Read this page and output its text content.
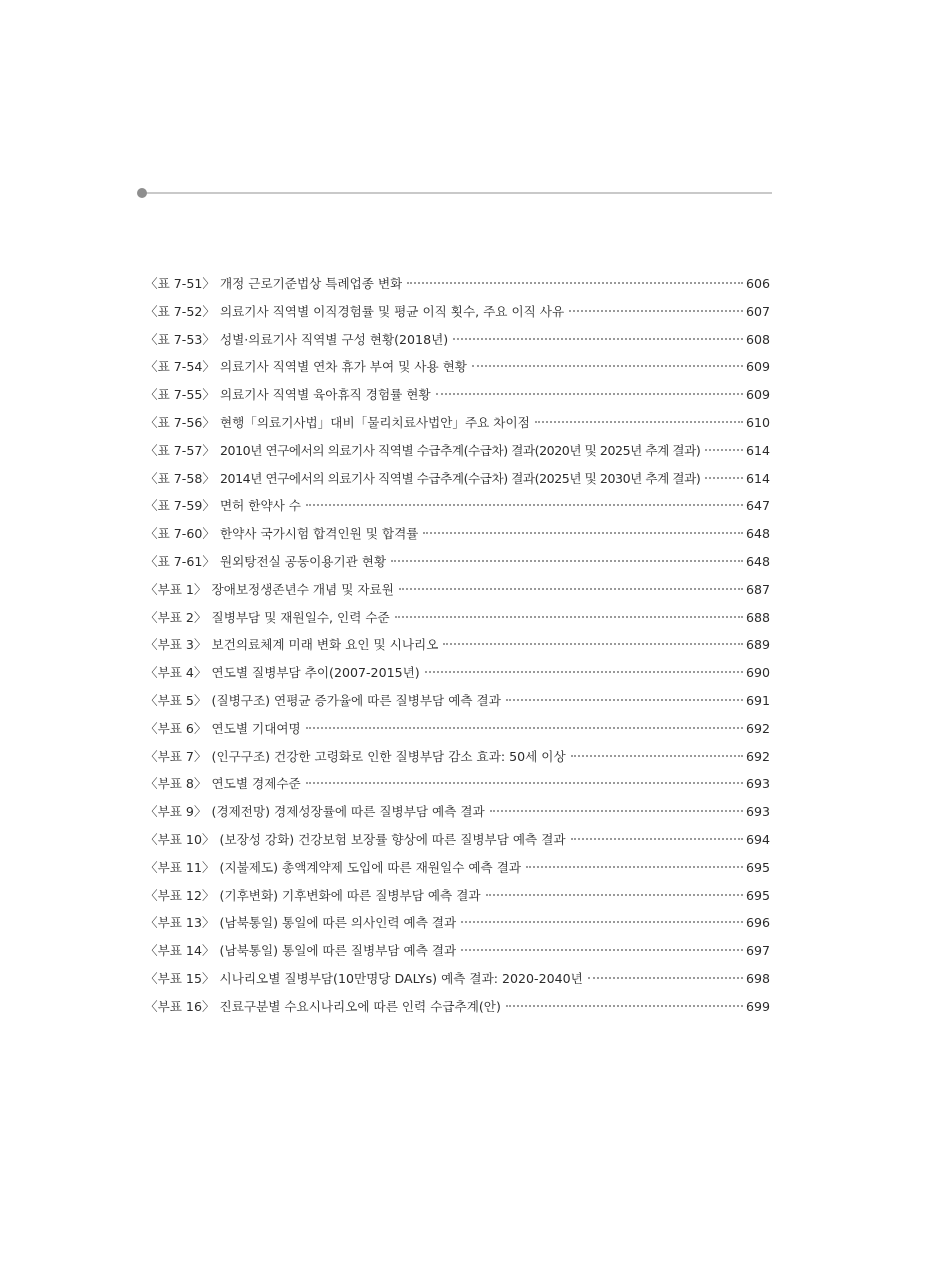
〈표 7-51〉 개정 근로기준법상 특례업종 변화	606
〈표 7-52〉 의료기사 직역별 이직경험률 및 평균 이직 횟수, 주요 이직 사유	607
〈표 7-53〉 성별·의료기사 직역별 구성 현황(2018년)	608
〈표 7-54〉 의료기사 직역별 연차 휴가 부여 및 사용 현황	609
〈표 7-55〉 의료기사 직역별 육아휴직 경험률 현황	609
〈표 7-56〉 현행「의료기사법」대비「물리치료사법안」주요 차이점	610
〈표 7-57〉 2010년 연구에서의 의료기사 직역별 수급추계(수급차) 결과(2020년 및 2025년 추계 결과)	614
〈표 7-58〉 2014년 연구에서의 의료기사 직역별 수급추계(수급차) 결과(2025년 및 2030년 추계 결과)	614
〈표 7-59〉 면허 한약사 수	647
〈표 7-60〉 한약사 국가시험 합격인원 및 합격률	648
〈표 7-61〉 원외탕전실 공동이용기관 현황	648
〈부표 1〉 장애보정생존년수 개념 및 자료원	687
〈부표 2〉 질병부담 및 재원일수, 인력 수준	688
〈부표 3〉 보건의료체계 미래 변화 요인 및 시나리오	689
〈부표 4〉 연도별 질병부담 추이(2007-2015년)	690
〈부표 5〉 (질병구조) 연평균 증가율에 따른 질병부담 예측 결과	691
〈부표 6〉 연도별 기대여명	692
〈부표 7〉 (인구구조) 건강한 고령화로 인한 질병부담 감소 효과: 50세 이상	692
〈부표 8〉 연도별 경제수준	693
〈부표 9〉 (경제전망) 경제성장률에 따른 질병부담 예측 결과	693
〈부표 10〉 (보장성 강화) 건강보험 보장률 향상에 따른 질병부담 예측 결과	694
〈부표 11〉 (지불제도) 총액계약제 도입에 따른 재원일수 예측 결과	695
〈부표 12〉 (기후변화) 기후변화에 따른 질병부담 예측 결과	695
〈부표 13〉 (남북통일) 통일에 따른 의사인력 예측 결과	696
〈부표 14〉 (남북통일) 통일에 따른 질병부담 예측 결과	697
〈부표 15〉 시나리오별 질병부담(10만명당 DALYs) 예측 결과: 2020-2040년	698
〈부표 16〉 진료구분별 수요시나리오에 따른 인력 수급추계(안)	699
